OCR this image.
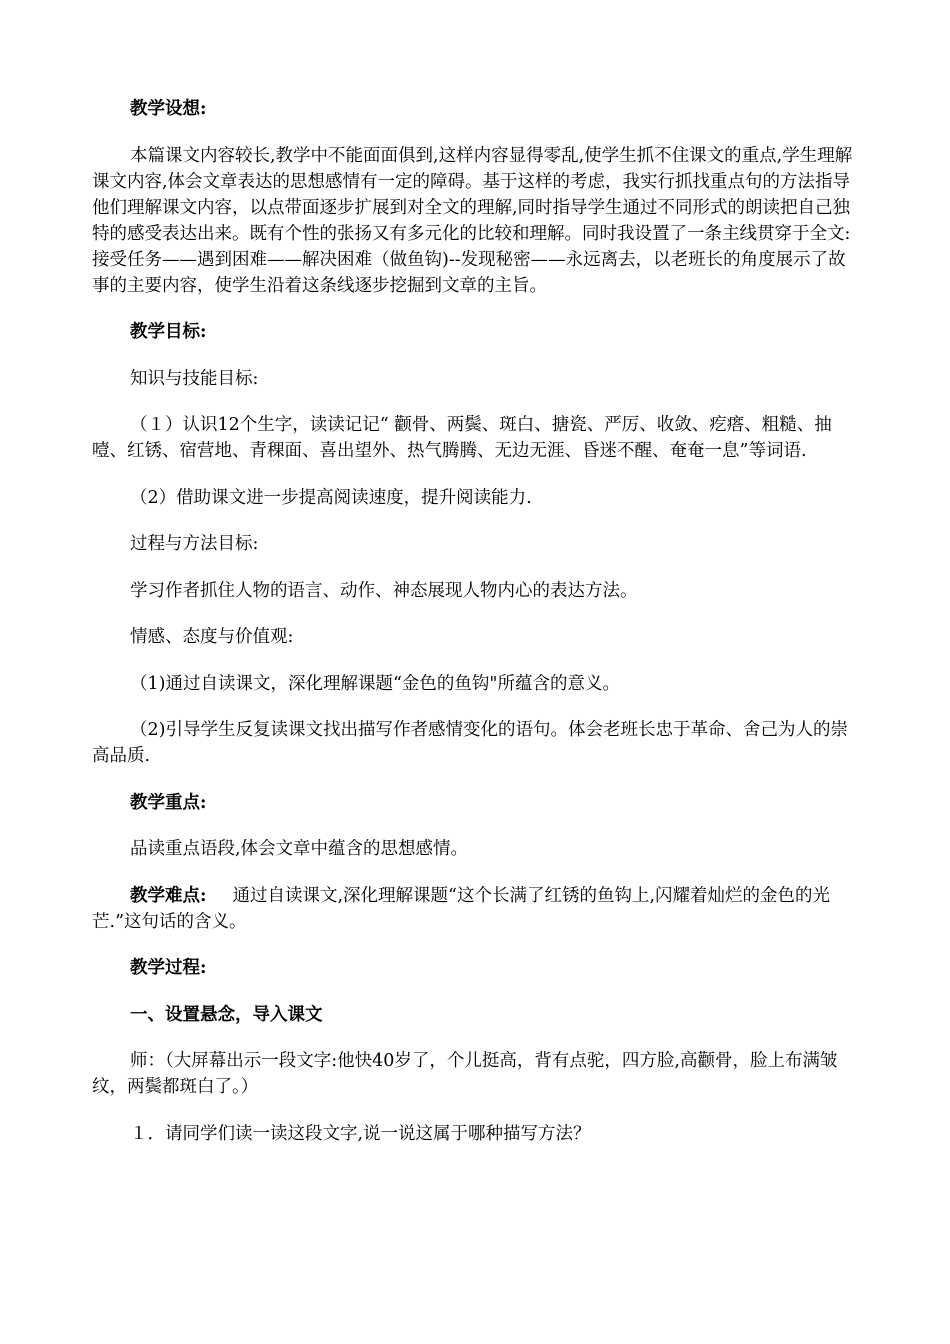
教学设想:

本篇课文内容较长,教学中不能面面俱到,这样内容显得零乱,使学生抓不住课文的重点,学生理解课文内容,体会文章表达的思想感情有一定的障碍。基于这样的考虑，我实行抓找重点句的方法指导他们理解课文内容，以点带面逐步扩展到对全文的理解,同时指导学生通过不同形式的朗读把自己独特的感受表达出来。既有个性的张扬又有多元化的比较和理解。同时我设置了一条主线贯穿于全文:接受任务——遇到困难——解决困难（做鱼钩)--发现秘密——永远离去，以老班长的角度展示了故事的主要内容，使学生沿着这条线逐步挖掘到文章的主旨。

教学目标:

知识与技能目标:

（１）认识12个生字，读读记记“ 颧骨、两鬓、斑白、搪瓷、严厉、收敛、疙瘩、粗糙、抽噎、红锈、宿营地、青稞面、喜出望外、热气腾腾、无边无涯、昏迷不醒、奄奄一息”等词语.

（2）借助课文进一步提高阅读速度，提升阅读能力.

过程与方法目标:

学习作者抓住人物的语言、动作、神态展现人物内心的表达方法。

情感、态度与价值观:

（1)通过自读课文，深化理解课题“金色的鱼钩"所蕴含的意义。

（2)引导学生反复读课文找出描写作者感情变化的语句。体会老班长忠于革命、舍己为人的崇高品质.

教学重点:

品读重点语段,体会文章中蕴含的思想感情。

教学难点: 通过自读课文,深化理解课题“这个长满了红锈的鱼钩上,闪耀着灿烂的金色的光芒.”这句话的含义。

教学过程:

一、设置悬念，导入课文

师：（大屏幕出示一段文字:他快40岁了，个儿挺高，背有点驼，四方脸,高颧骨，脸上布满皱纹，两鬓都斑白了。）

１．请同学们读一读这段文字,说一说这属于哪种描写方法？
